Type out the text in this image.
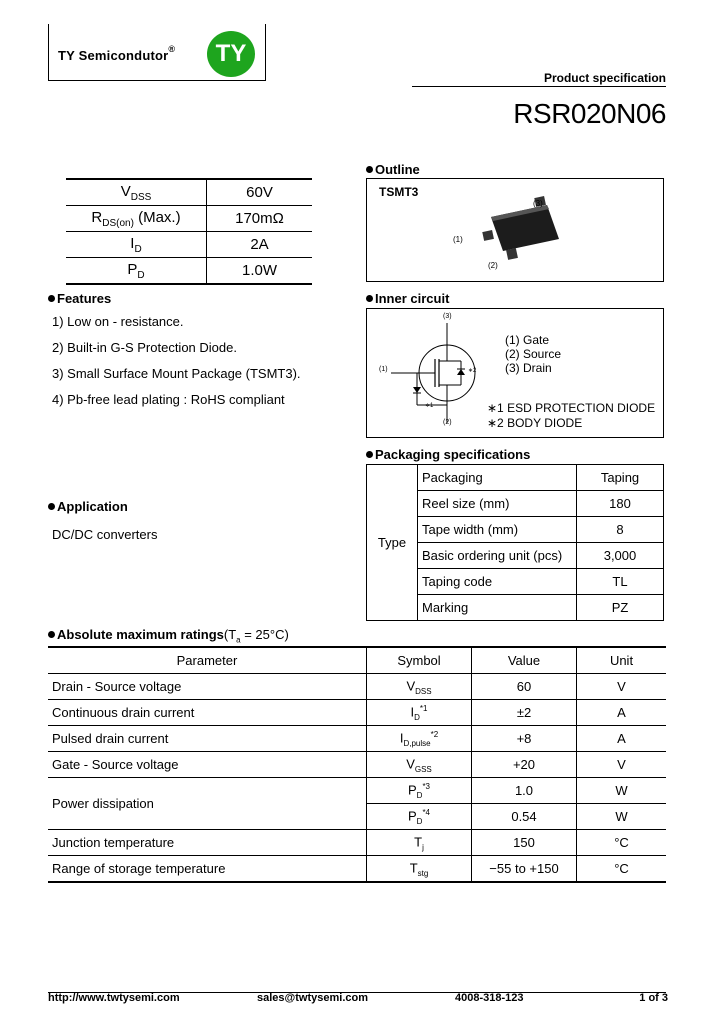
TY Semicondutor®	TY
Product specification
RSR020N06
$V_{DSS}$	60V
$R_{DS(on)}$ (Max.)	170mΩ
$I_D$	2A
$P_D$	1.0W
Features
1) Low on - resistance.
2) Built-in G-S Protection Diode.
3) Small Surface Mount Package (TSMT3).
4) Pb-free lead plating : RoHS compliant
Application
DC/DC converters
Outline
TSMT3
(1)
(2)
(3)
Inner circuit
(3)
(1)
(2)
∗2
∗1
(1) Gate
(2) Source
(3) Drain
∗1 ESD PROTECTION DIODE
∗2 BODY DIODE
Packaging specifications
Type	Packaging	Taping
	Reel size (mm)	180
	Tape width (mm)	8
	Basic ordering unit (pcs)	3,000
	Taping code	TL
	Marking	PZ
Absolute maximum $ratings(T_a = 25^\circ C)$
Parameter	Symbol	Value	Unit
Drain - Source voltage	$V_{DSS}$	60	V
Continuous drain current	$I_D^{*1}$	±2	A
Pulsed drain current	$I_{D,pulse}^{*2}$	+8	A
Gate - Source voltage	$V_{GSS}$	+20	V
Power dissipation	$P_D^{*3}$	1.0	W
	$P_D^{*4}$	0.54	W
Junction temperature	$T_j$	150	°C
Range of storage temperature	$T_{stg}$	−55 to +150	°C
http://www.twtysemi.com	sales@twtysemi.com	4008-318-123	1 of 3
